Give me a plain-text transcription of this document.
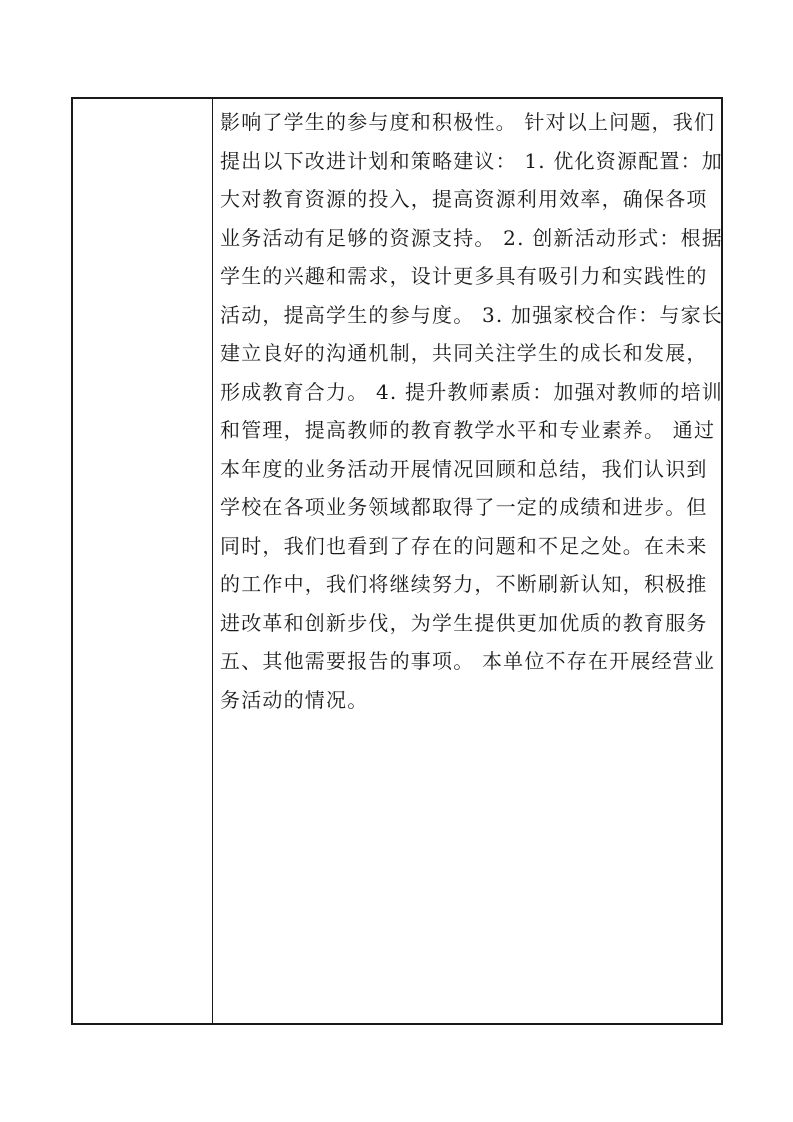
影响了学生的参与度和积极性。 针对以上问题，我们
提出以下改进计划和策略建议： 1. 优化资源配置：加
大对教育资源的投入，提高资源利用效率，确保各项
业务活动有足够的资源支持。 2. 创新活动形式：根据
学生的兴趣和需求，设计更多具有吸引力和实践性的
活动，提高学生的参与度。 3. 加强家校合作：与家长
建立良好的沟通机制，共同关注学生的成长和发展，
形成教育合力。 4. 提升教师素质：加强对教师的培训
和管理，提高教师的教育教学水平和专业素养。 通过
本年度的业务活动开展情况回顾和总结，我们认识到
学校在各项业务领域都取得了一定的成绩和进步。但
同时，我们也看到了存在的问题和不足之处。在未来
的工作中，我们将继续努力，不断刷新认知，积极推
进改革和创新步伐，为学生提供更加优质的教育服务
五、其他需要报告的事项。 本单位不存在开展经营业
务活动的情况。
